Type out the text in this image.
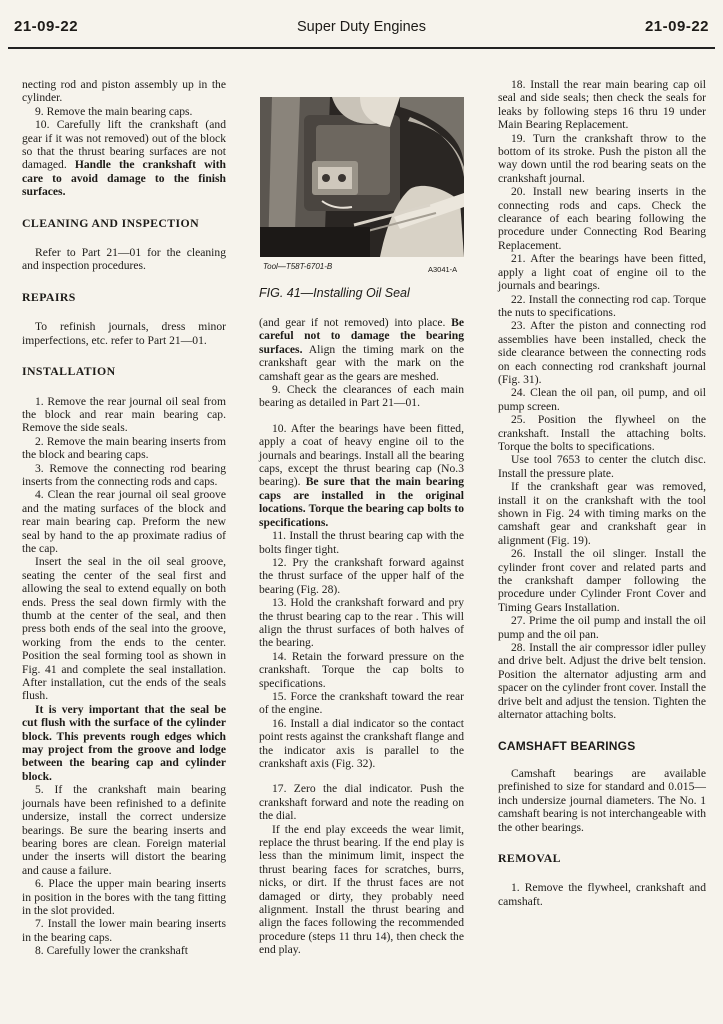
21-09-22	Super Duty Engines	21-09-22

necting rod and piston assembly up in the cylinder.

9. Remove the main bearing caps.

10. Carefully lift the crankshaft (and gear if it was not removed) out of the block so that the thrust bearing surfaces are not damaged. Handle the crankshaft with care to avoid damage to the finish surfaces.

CLEANING AND INSPECTION

Refer to Part 21—01 for the cleaning and inspection procedures.

REPAIRS

To refinish journals, dress minor imperfections, etc. refer to Part 21—01.

INSTALLATION

1. Remove the rear journal oil seal from the block and rear main bearing cap. Remove the side seals.

2. Remove the main bearing inserts from the block and bearing caps.

3. Remove the connecting rod bearing inserts from the connecting rods and caps.

4. Clean the rear journal oil seal groove and the mating surfaces of the block and rear main bearing cap. Preform the new seal by hand to the ap proximate radius of the cap.

Insert the seal in the oil seal groove, seating the center of the seal first and allowing the seal to extend equally on both ends. Press the seal down firmly with the thumb at the center of the seal, and then press both ends of the seal into the groove, working from the ends to the center. Position the seal forming tool as shown in Fig. 41 and complete the seal installation. After installation, cut the ends of the seals flush.

It is very important that the seal be cut flush with the surface of the cylinder block. This prevents rough edges which may project from the groove and lodge between the bearing cap and cylinder block.

5. If the crankshaft main bearing journals have been refinished to a definite undersize, install the correct undersize bearings. Be sure the bearing inserts and bearing bores are clean. Foreign material under the inserts will distort the bearing and cause a failure.

6. Place the upper main bearing inserts in position in the bores with the tang fitting in the slot provided.

7. Install the lower main bearing inserts in the bearing caps.

8. Carefully lower the crankshaft

Tool—T58T-6701-B	A3041-A
FIG. 41—Installing Oil Seal

(and gear if not removed) into place. Be careful not to damage the bearing surfaces. Align the timing mark on the crankshaft gear with the mark on the camshaft gear as the gears are meshed.

9. Check the clearances of each main bearing as detailed in Part 21—01.

10. After the bearings have been fitted, apply a coat of heavy engine oil to the journals and bearings. Install all the bearing caps, except the thrust bearing cap (No.3 bearing). Be sure that the main bearing caps are installed in the original locations. Torque the bearing cap bolts to specifications.

11. Install the thrust bearing cap with the bolts finger tight.

12. Pry the crankshaft forward against the thrust surface of the upper half of the bearing (Fig. 28).

13. Hold the crankshaft forward and pry the thrust bearing cap to the rear . This will align the thrust surfaces of both halves of the bearing.

14. Retain the forward pressure on the crankshaft. Torque the cap bolts to specifications.

15. Force the crankshaft toward the rear of the engine.

16. Install a dial indicator so the contact point rests against the crankshaft flange and the indicator axis is parallel to the crankshaft axis (Fig. 32).

17. Zero the dial indicator. Push the crankshaft forward and note the reading on the dial.

If the end play exceeds the wear limit, replace the thrust bearing. If the end play is less than the minimum limit, inspect the thrust bearing faces for scratches, burrs, nicks, or dirt. If the thrust faces are not damaged or dirty, they probably need alignment. Install the thrust bearing and align the faces following the recommended procedure (steps 11 thru 14), then check the end play.

18. Install the rear main bearing cap oil seal and side seals; then check the seals for leaks by following steps 16 thru 19 under Main Bearing Replacement.

19. Turn the crankshaft throw to the bottom of its stroke. Push the piston all the way down until the rod bearing seats on the crankshaft journal.

20. Install new bearing inserts in the connecting rods and caps. Check the clearance of each bearing following the procedure under Connecting Rod Bearing Replacement.

21. After the bearings have been fitted, apply a light coat of engine oil to the journals and bearings.

22. Install the connecting rod cap. Torque the nuts to specifications.

23. After the piston and connecting rod assemblies have been installed, check the side clearance between the connecting rods on each connecting rod crankshaft journal (Fig. 31).

24. Clean the oil pan, oil pump, and oil pump screen.

25. Position the flywheel on the crankshaft. Install the attaching bolts. Torque the bolts to specifications.

Use tool 7653 to center the clutch disc. Install the pressure plate.

If the crankshaft gear was removed, install it on the crankshaft with the tool shown in Fig. 24 with timing marks on the camshaft gear and crankshaft gear in alignment (Fig. 19).

26. Install the oil slinger. Install the cylinder front cover and related parts and the crankshaft damper following the procedure under Cylinder Front Cover and Timing Gears Installation.

27. Prime the oil pump and install the oil pump and the oil pan.

28. Install the air compressor idler pulley and drive belt. Adjust the drive belt tension. Position the alternator adjusting arm and spacer on the cylinder front cover. Install the drive belt and adjust the tension. Tighten the alternator attaching bolts.

CAMSHAFT BEARINGS

Camshaft bearings are available prefinished to size for standard and 0.015—inch undersize journal diameters. The No. 1 camshaft bearing is not interchangeable with the other bearings.

REMOVAL

1. Remove the flywheel, crankshaft and camshaft.
